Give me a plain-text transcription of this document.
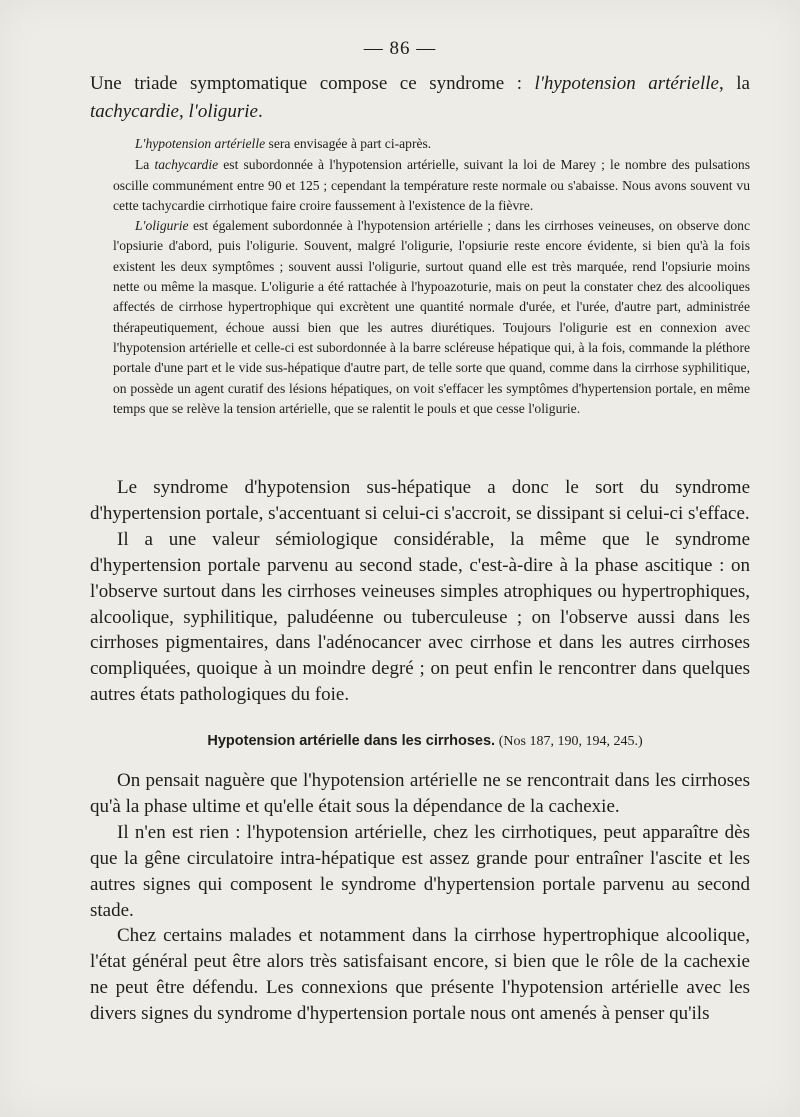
— 86 —
Une triade symptomatique compose ce syndrome : l'hypotension artérielle, la tachycardie, l'oligurie.

L'hypotension artérielle sera envisagée à part ci-après.

La tachycardie est subordonnée à l'hypotension artérielle, suivant la loi de Marey ; le nombre des pulsations oscille communément entre 90 et 125 ; cependant la température reste normale ou s'abaisse. Nous avons souvent vu cette tachycardie cirrhotique faire croire faussement à l'existence de la fièvre.

L'oligurie est également subordonnée à l'hypotension artérielle ; dans les cirrhoses veineuses, on observe donc l'opsiurie d'abord, puis l'oligurie. Souvent, malgré l'oligurie, l'opsiurie reste encore évidente, si bien qu'à la fois existent les deux symptômes ; souvent aussi l'oligurie, surtout quand elle est très marquée, rend l'opsiurie moins nette ou même la masque. L'oligurie a été rattachée à l'hypoazoturie, mais on peut la constater chez des alcooliques affectés de cirrhose hypertrophique qui excrètent une quantité normale d'urée, et l'urée, d'autre part, administrée thérapeutiquement, échoue aussi bien que les autres diurétiques. Toujours l'oligurie est en connexion avec l'hypotension artérielle et celle-ci est subordonnée à la barre scléreuse hépatique qui, à la fois, commande la pléthore portale d'une part et le vide sus-hépatique d'autre part, de telle sorte que quand, comme dans la cirrhose syphilitique, on possède un agent curatif des lésions hépatiques, on voit s'effacer les symptômes d'hypertension portale, en même temps que se relève la tension artérielle, que se ralentit le pouls et que cesse l'oligurie.

Le syndrome d'hypotension sus-hépatique a donc le sort du syndrome d'hypertension portale, s'accentuant si celui-ci s'accroit, se dissipant si celui-ci s'efface.

Il a une valeur sémiologique considérable, la même que le syndrome d'hypertension portale parvenu au second stade, c'est-à-dire à la phase ascitique : on l'observe surtout dans les cirrhoses veineuses simples atrophiques ou hypertrophiques, alcoolique, syphilitique, paludéenne ou tuberculeuse ; on l'observe aussi dans les cirrhoses pigmentaires, dans l'adénocancer avec cirrhose et dans les autres cirrhoses compliquées, quoique à un moindre degré ; on peut enfin le rencontrer dans quelques autres états pathologiques du foie.

Hypotension artérielle dans les cirrhoses. (Nos 187, 190, 194, 245.)

On pensait naguère que l'hypotension artérielle ne se rencontrait dans les cirrhoses qu'à la phase ultime et qu'elle était sous la dépendance de la cachexie.

Il n'en est rien : l'hypotension artérielle, chez les cirrhotiques, peut apparaître dès que la gêne circulatoire intra-hépatique est assez grande pour entraîner l'ascite et les autres signes qui composent le syndrome d'hypertension portale parvenu au second stade.

Chez certains malades et notamment dans la cirrhose hypertrophique alcoolique, l'état général peut être alors très satisfaisant encore, si bien que le rôle de la cachexie ne peut être défendu. Les connexions que présente l'hypotension artérielle avec les divers signes du syndrome d'hypertension portale nous ont amenés à penser qu'ils
